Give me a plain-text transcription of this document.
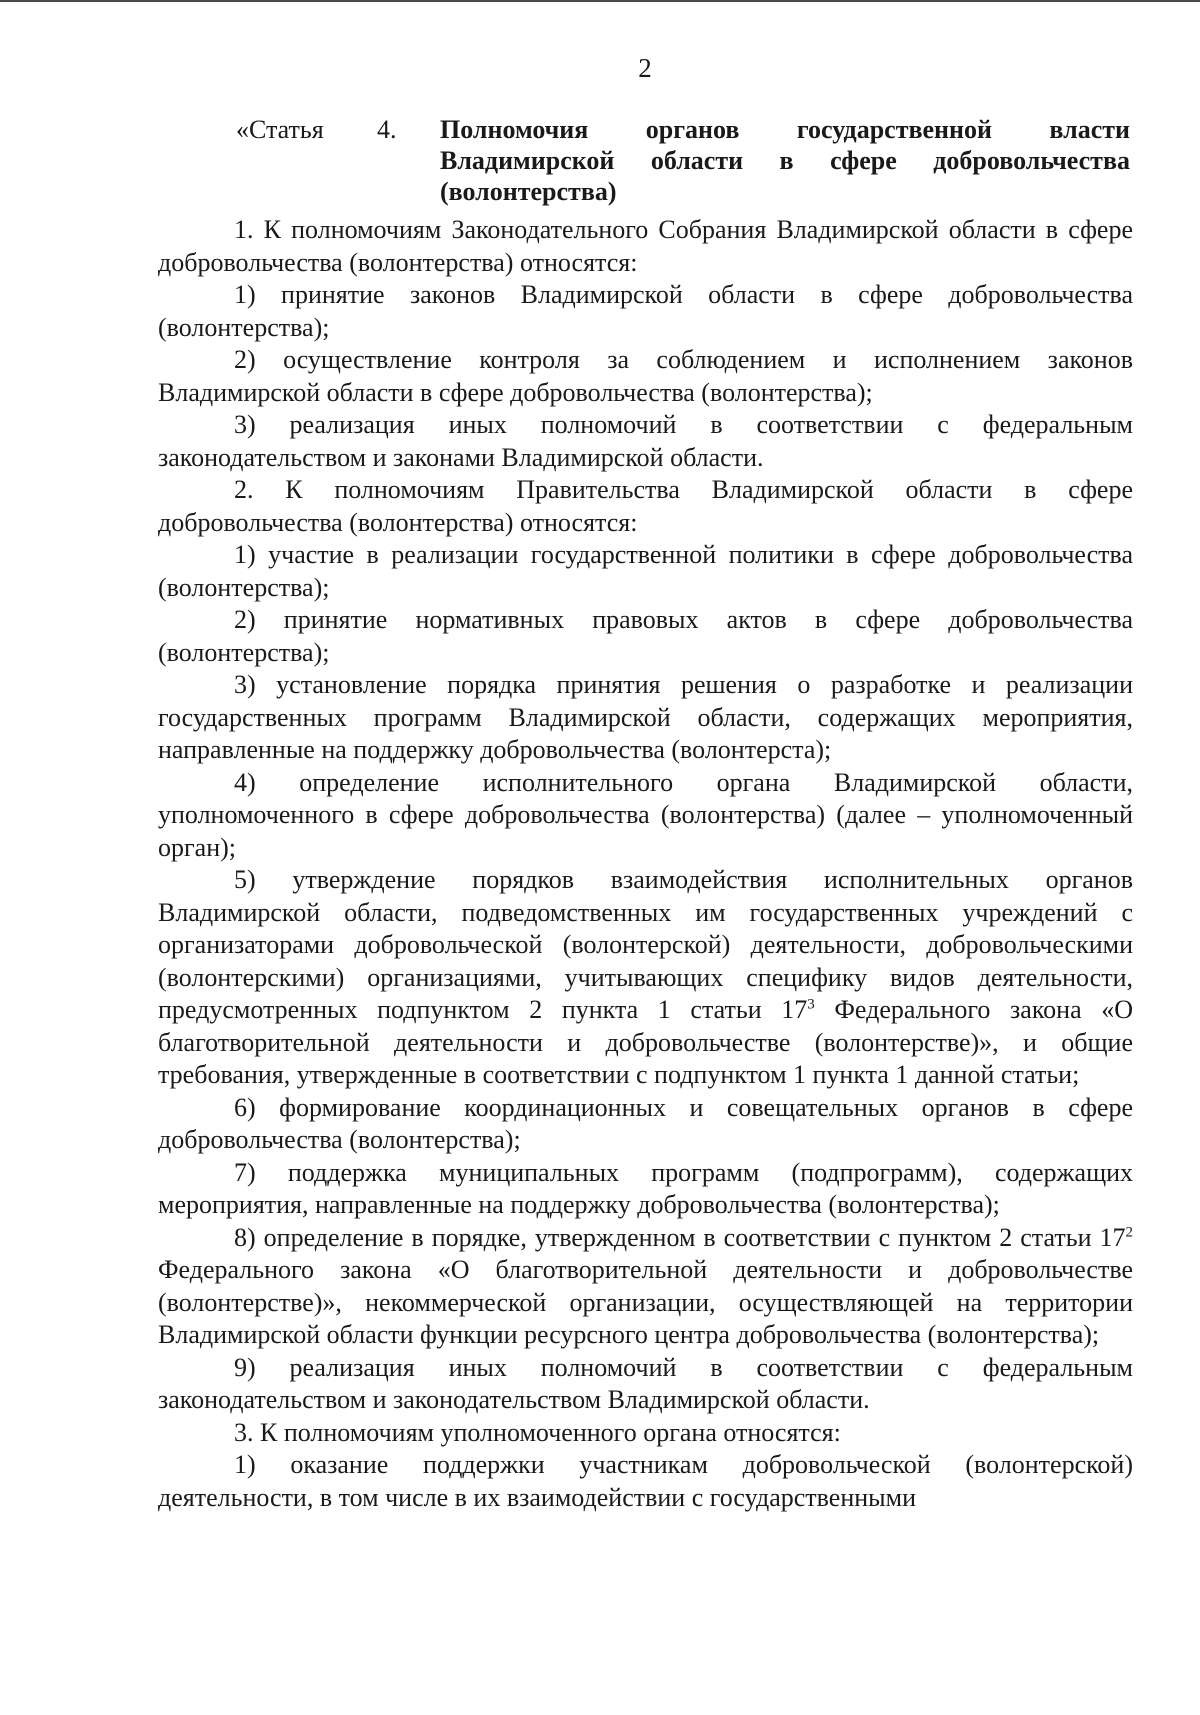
2
«Статья 4. Полномочия органов государственной власти
Владимирской области в сфере добровольчества
(волонтерства)

1. К полномочиям Законодательного Собрания Владимирской области в сфере добровольчества (волонтерства) относятся:

1) принятие законов Владимирской области в сфере добровольчества (волонтерства);

2) осуществление контроля за соблюдением и исполнением законов Владимирской области в сфере добровольчества (волонтерства);

3) реализация иных полномочий в соответствии с федеральным законодательством и законами Владимирской области.

2. К полномочиям Правительства Владимирской области в сфере добровольчества (волонтерства) относятся:

1) участие в реализации государственной политики в сфере добровольчества (волонтерства);

2) принятие нормативных правовых актов в сфере добровольчества (волонтерства);

3) установление порядка принятия решения о разработке и реализации государственных программ Владимирской области, содержащих мероприятия, направленные на поддержку добровольчества (волонтерста);

4) определение исполнительного органа Владимирской области, уполномоченного в сфере добровольчества (волонтерства) (далее – уполномоченный орган);

5) утверждение порядков взаимодействия исполнительных органов Владимирской области, подведомственных им государственных учреждений с организаторами добровольческой (волонтерской) деятельности, добровольческими (волонтерскими) организациями, учитывающих специфику видов деятельности, предусмотренных подпунктом 2 пункта 1 статьи $17^3$ Федерального закона «О благотворительной деятельности и добровольчестве (волонтерстве)», и общие требования, утвержденные в соответствии с подпунктом 1 пункта 1 данной статьи;

6) формирование координационных и совещательных органов в сфере добровольчества (волонтерства);

7) поддержка муниципальных программ (подпрограмм), содержащих мероприятия, направленные на поддержку добровольчества (волонтерства);

8) определение в порядке, утвержденном в соответствии с пунктом 2 статьи $17^2$ Федерального закона «О благотворительной деятельности и добровольчестве (волонтерстве)», некоммерческой организации, осуществляющей на территории Владимирской области функции ресурсного центра добровольчества (волонтерства);

9) реализация иных полномочий в соответствии с федеральным законодательством и законодательством Владимирской области.

3. К полномочиям уполномоченного органа относятся:

1) оказание поддержки участникам добровольческой (волонтерской) деятельности, в том числе в их взаимодействии с государственными
